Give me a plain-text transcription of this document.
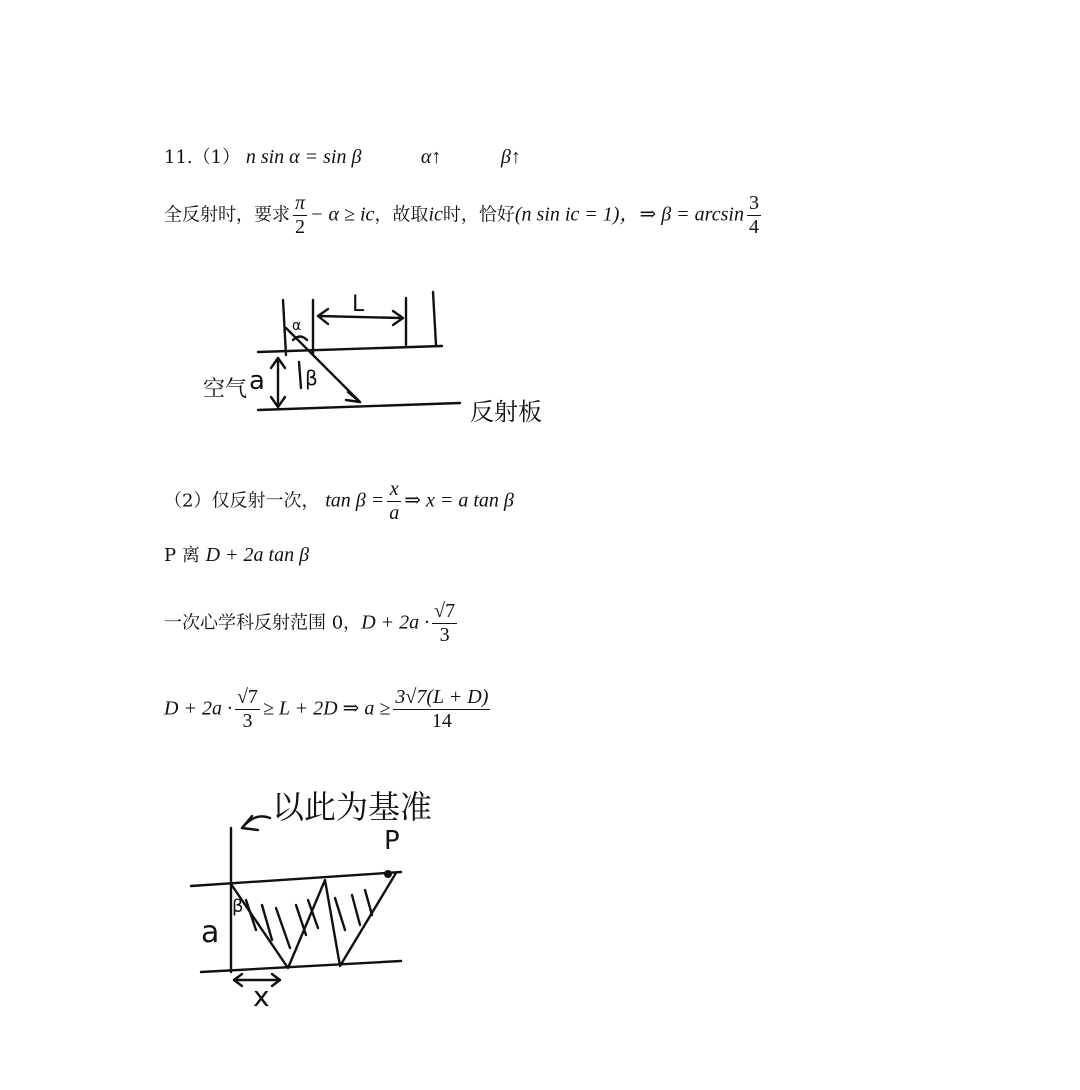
11.（1） n sin α = sin β	α↑	β↑
全反射时，要求 $\frac{\pi}{2} - \alpha$ ≥ ic，故取ic时，恰好(n sin ic = 1)，⇒ $\beta = \arcsin \frac{3}{4}$
L
a β
α
空气
反射板
（2）仅反射一次， $\tan \beta = \frac{x}{a}$ ⇒ x = a tan β
P 离 D + 2a tan β
一次心学科反射范围 0，$D + 2a \cdot \frac{√7}{3}$
$D + 2a \cdot \frac{√7}{3} \ge L + 2D$ ⇒ $a \ge \frac{3√7(L + D)}{14}$
以此为基准
P
a
β
x
